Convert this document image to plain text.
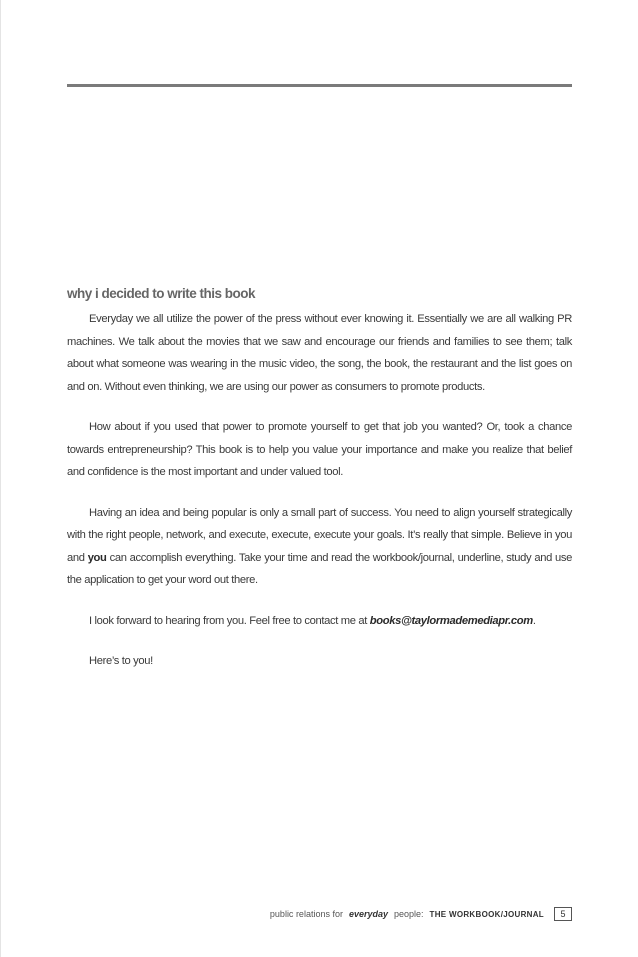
why i decided to write this book

Everyday we all utilize the power of the press without ever knowing it. Essentially we are all walking PR machines. We talk about the movies that we saw and encourage our friends and families to see them; talk about what someone was wearing in the music video, the song, the book, the restaurant and the list goes on and on. Without even thinking, we are using our power as consumers to promote products.

How about if you used that power to promote yourself to get that job you wanted? Or, took a chance towards entrepreneurship? This book is to help you value your importance and make you realize that belief and confidence is the most important and under valued tool.

Having an idea and being popular is only a small part of success. You need to align yourself strategically with the right people, network, and execute, execute, execute your goals. It’s really that simple. Believe in you and you can accomplish everything. Take your time and read the workbook/journal, underline, study and use the application to get your word out there.

I look forward to hearing from you. Feel free to contact me at books@taylormademediapr.com.

Here’s to you!

public relations for everyday people: THE WORKBOOK/JOURNAL	5
